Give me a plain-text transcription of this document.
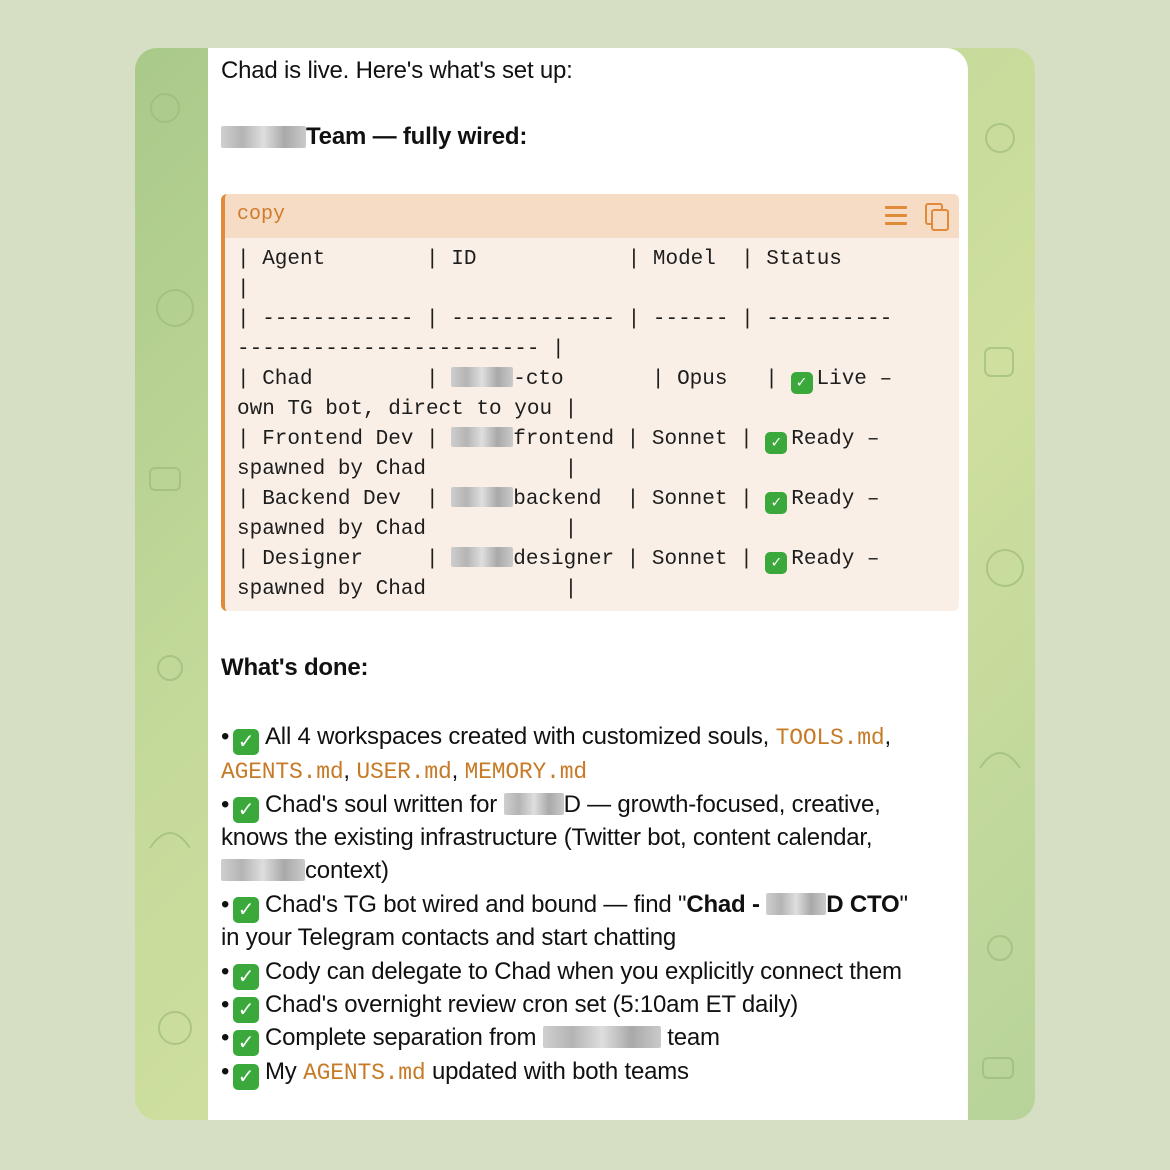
Chad is live. Here's what's set up:
Team — fully wired:
copy
| Agent        | ID            | Model  | Status
|
| ------------ | ------------- | ------ | ----------
------------------------ |
| Chad         |	-cto       | Opus   | ✓ Live –
own TG bot, direct to you |
| Frontend Dev |	frontend | Sonnet | ✓ Ready –
spawned by Chad           |
| Backend Dev  |	backend  | Sonnet | ✓ Ready –
spawned by Chad           |
| Designer     |	designer | Sonnet | ✓ Ready –
spawned by Chad           |
What's done:
• ✓ All 4 workspaces created with customized souls, TOOLS.md,
AGENTS.md, USER.md, MEMORY.md
• ✓ Chad's soul written for	D — growth-focused, creative,
knows the existing infrastructure (Twitter bot, content calendar,
context)
• ✓ Chad's TG bot wired and bound — find "Chad -	D CTO"
in your Telegram contacts and start chatting
• ✓ Cody can delegate to Chad when you explicitly connect them
• ✓ Chad's overnight review cron set (5:10am ET daily)
• ✓ Complete separation from	team
• ✓ My AGENTS.md updated with both teams
